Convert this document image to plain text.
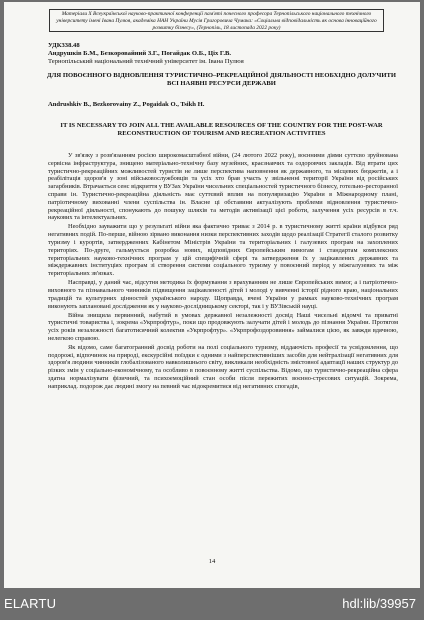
Матеріали Х Всеукраїнської науково-практичної конференції пам'яті почесного професора Тернопільського національного технічного університету імені Івана Пулюя, академіка НАН України Мусія Григоровича Чумака: «Соціальна відповідальність як основа інноваційного розвитку бізнесу», (Тернопіль, 18 листопада 2022 року)
УДК338.48
Андрушків Б.М., Безкоровайний З.Г., Погайдак О.Б., Ціх Г.В.
Тернопільський національний технічний університет ім. Івана Пулюя
ДЛЯ ПОВОЄННОГО ВІДНОВЛЕННЯ ТУРИСТИЧНО–РЕКРЕАЦІЙНОЇ ДІЯЛЬНОСТІ НЕОБХІДНО ДОЛУЧИТИ ВСІ НАЯВНІ РЕСУРСИ ДЕРЖАВИ
Andrushkiv B., Bezkorovainy Z., Pogaidak O., Tsikh H.
IT IS NECESSARY TO JOIN ALL THE AVAILABLE RESOURCES OF THE COUNTRY FOR THE POST-WAR RECONSTRUCTION OF TOURISM AND RECREATION ACTIVITIES

У зв'язку з розв'язанням росією широкомасштабної війни, (24 лютого 2022 року), воєнними діями суттєво зруйнована сервісна інфраструктура, знищено матеріально-технічну базу музейних, краєзнавчих та оздоровчих закладів. Від втрати цих туристично-рекреаційних можливостей туристів не лише перспектива наповнення як державного, та місцевих бюджетів, а і реабілітація здоров'я у зоні військовослужбовців та усіх хто брав участь у звільненні території України від російських загарбників. Втрачається сенс відкриття у ВУЗах України чисельних спеціальностей туристичного бізнесу, готельно-ресторанної справи ін. Туристично-рекреаційна діяльність має суттєвий вплив на популяризацію України в Міжнародному плані, патріотичному вихованні члени суспільства ін. Власне ці обставини актуалізують проблеми відновлення туристично-рекреаційної діяльності, спонукають до пошуку шляхів та методів активізації цієї роботи, залучення усіх ресурсів в т.ч. наукових та інтелектуальних.

Необхідно зауважити що у результаті війни яка фактично триває з 2014 р. в туристичному житті країни відбувся ряд негативних подій. По-перше, війною зірвано виконання низки перспективних заходів щодо реалізації Стратегії сталого розвитку туризму і курортів, затвердженних Кабінетом Міністрів України та територіальних і галузевих програм на захоплених територіях. По-друге, гальмується розробка нових, відповідних Європейським вимогам і стандартам комплексних територіальних науково-технічних програм у цій специфічній сфері та затвердження їх у зацікавлених державних та міждержавних інституціях програм зі створення системи соціального туризму у повоєнний період у міжгалузевих та між територіальних зв'язках.

Насправді, у даний час, відсутня методика їх формування з врахуванням не лише Європейських вимог, а і патріотично-виховного та пізнавального чинників підвищення зацікавленості дітей і молоді у вивченні історії рідного краю, національних традицій та культурних цінностей українського народу. Щоправда, вчені України у рамках науково-технічних програм виконують заплановані дослідження як у науково-дослідницькому секторі, так і у ВУЗівській науці.

Війна знищила первинний, набутий в умовах державної незалежності досвід Наші чисельні відомчі та приватні туристичні товариства і, зокрема «Укрпрофтур», поки що продовжують залучати дітей і молодь до пізнання України. Протягом усіх років незалежності багатотисячний колектив «Укрпрофтур». «Укрпрофоздоровиння» займалися цією, як завжди вдячною, нелегкою справою.

Як відомо, саме багатогранний досвід роботи на полі соціального туризму, віддаючість професії та усвідомлення, що подорожі, відпочинок на природі, екскурсійні поїздки є одними з найперспективніших засобів для нейтралізації негативних для здоров'я людини чинників глобалізованого навколишнього світу, викликали необхідність змістовної адаптації наших структур до різких змін у соціально-економічному, та особливо в повоєнному житті суспільства. Відомо, що туристично-рекреаційна сфера здатна нормалізувати фізичний, та психоемоційний стан особи після пережитих воєнно-стресових ситуацій. Зокрема, наприклад. подорож дає людині змогу на певний час відокремитися від негативних спогадів,

14
ELARTU	hdl:lib/39957
